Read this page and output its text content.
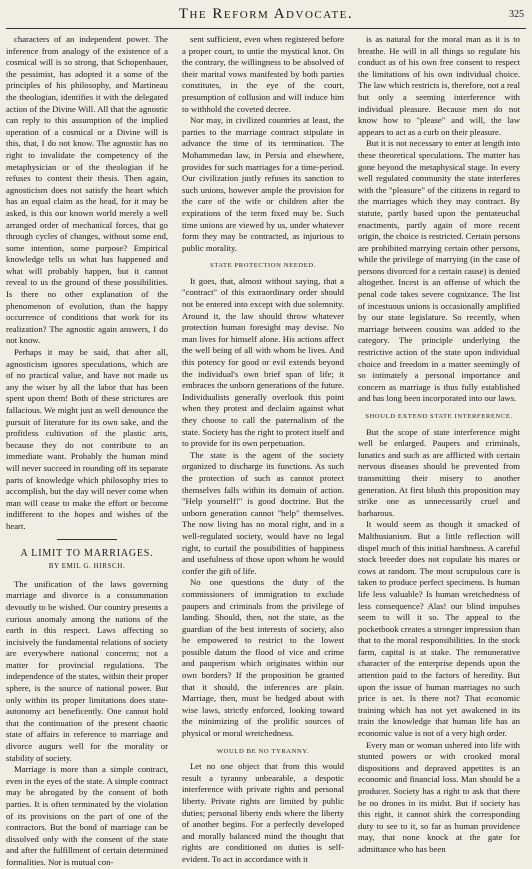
The Reform Advocate.	325

characters of an independent power. The inference from analogy of the existence of a cosmical will is so strong, that Schopenhauer, the pessimist, has adopted it a some of the principles of his philosophy, and Martineau the theologian, identifies it with the delegated action of the Divine Will. All that the agnostic can reply to this assumption of the implied operation of a cosmical or a Divine will is this, that, I do not know. The agnostic has no right to invalidate the competency of the metaphysician or of the theologian if he refuses to contest their thesis. Then again, agnosticism does not satisfy the heart which has an equal claim as the head, for it may be asked, is this our known world merely a well arranged order of mechanical forces, that go through cycles of changes, without some end, some intention, some purpose? Empirical knowledge tells us what has happened and what will probably happen, but it cannot reveal to us the ground of these possibilities. Is there no other explanation of the phenomenon of evolution, than the happy occurrence of conditions that work for its realization? The agnostic again answers, I do not know.

Perhaps it may be said, that after all, agnosticism ignores speculations, which are of no practical value, and have not made us any the wiser by all the labor that has been spent upon them! Both of these strictures are fallacious. We might just as well denounce the pursuit of literature for its own sake, and the profitless cultivation of the plastic arts, because they do not contribute to an immediate want. Probably the human mind will never succeed in rounding off its separate parts of knowledge which philosophy tries to accomplish, but the day will never come when man will cease to make the effort or become indifferent to the hopes and wishes of the heart.

A LIMIT TO MARRIAGES.
BY EMIL G. HIRSCH.

The unification of the laws governing marriage and divorce is a consummation devoutly to be wished. Our country presents a curious anomaly among the nations of the earth in this respect. Laws affecting so incisively the fundamental relations of society are everywhere national concerns; not a matter for provincial regulations. The independence of the states, within their proper sphere, is the source of national power. But only within its proper limitations does state-autonomy act beneficently. One cannot hold that the continuation of the present chaotic state of affairs in reference to marriage and divorce augurs well for the morality or stability of society.

Marriage is more than a simple contract, even in the eyes of the state. A simple contract may be abrogated by the consent of both parties. It is often terminated by the violation of its provisions on the part of one of the contractors. But the bond of marriage can be dissolved only with the consent of the state and after the fulfillment of certain determined formalities. Nor is mutual con-

sent sufficient, even when registered before a proper court, to untie the mystical knot. On the contrary, the willingness to be absolved of their marital vows manifested by both parties constitutes, in the eye of the court, presumption of collusion and will induce him to withhold the coveted decree.

Nor may, in civilized countries at least, the parties to the marriage contract stipulate in advance the time of its termination. The Mohammedan law, in Persia and elsewhere, provides for such marriages for a time-period. Our civilization justly refuses its sanction to such unions, however ample the provision for the care of the wife or children after the expirations of the term fixed may be. Such time unions are viewed by us, under whatever form they may be contracted, as injurious to public morality.

STATE PROTECTION NEEDED.

It goes, that, almost without saying, that a "contract" of this extraordinary order should not be entered into except with due solemnity. Around it, the law should throw whatever protection human foresight may devise. No man lives for himself alone. His actions affect the well being of all with whom he lives. And this potency for good or evil extends beyond the individual's own brief span of life; it embraces the unborn generations of the future. Individualists generally overlook this point when they protest and declaim against what they choose to call the paternalism of the state. Society has the right to protect itself and to provide for its own perpetuation.

The state is the agent of the society organized to discharge its functions. As such the protection of such as cannot protect themselves falls within its domain of action. "Help yourself!" is good doctrine. But the unborn generation cannot "help" themselves. The now living has no moral right, and in a well-regulated society, would have no legal right, to curtail the possibilities of happiness and usefulness of those upon whom he would confer the gift of life.

No one questions the duty of the commissioners of immigration to exclude paupers and criminals from the privilege of landing. Should, then, not the state, as the guardian of the best interests of society, also be empowered to restrict to the lowest possible datum the flood of vice and crime and pauperism which originates within our own borders? If the proposition be granted that it should, the inferences are plain. Marriage, then, must be hedged about with wise laws, strictly enforced, looking toward the minimizing of the prolific sources of physical or moral wretchedness.

WOULD BE NO TYRANNY.

Let no one object that from this would result a tyranny unbearable, a despotic interference with private rights and personal liberty. Private rights are limited by public duties; personal liberty ends where the liberty of another begins. For a perfectly developed and morally balanced mind the thought that rights are conditioned on duties is self-evident. To act in accordance with it

is as natural for the moral man as it is to breathe. He will in all things so regulate his conduct as of his own free consent to respect the limitations of his own individual choice. The law which restricts is, therefore, not a real but only a seeming interference with individual pleasure. Because men do not know how to "please" and will, the law appears to act as a curb on their pleasure.

But it is not necessary to enter at length into these theoretical speculations. The matter has gone beyond the metaphysical stage. In every well regulated community the state interferes with the "pleasure" of the citizens in regard to the marriages which they may contract. By statute, partly based upon the pentateuchal enactments, partly again of more recent origin, the choice is restricted. Certain persons are prohibited marrying certain other persons, while the privilege of marrying (in the case of persons divorced for a certain cause) is denied altogether. Incest is an offense of which the penal code takes severe cognizance. The list of incestuous unions is occasionally amplified by our state legislature. So recently, when marriage between cousins was added to the category. The principle underlying the restrictive action of the state upon individual choice and freedom in a matter seemingly of so intimately a personal importance and concern as marriage is thus fully established and has long been incorporated into our laws.

SHOULD EXTEND STATE INTERFERENCE.

But the scope of state interference might well be enlarged. Paupers and criminals, lunatics and such as are afflicted with certain nervous diseases should be prevented from transmitting their misery to another generation. At first blush this proposition may strike one as unnecessarily cruel and barbarous.

It would seem as though it smacked of Malthusianism. But a little reflection will dispel much of this initial harshness. A careful stock breeder does not copulate his mares or cows at random. The most scrupulous care is taken to produce perfect specimens. Is human life less valuable? Is human wretchedness of less consequence? Alas! our blind impulses seem to will it so. The appeal to the pocketbook creates a stronger impression than that to the moral responsibilities. In the stock farm, capital is at stake. The remunerative character of the enterprise depends upon the attention paid to the factors of heredity. But upon the issue of human marriages no such price is set. Is there not? That economic training which has not yet awakened in its train the knowledge that human life has an economic value is not of a very high order.

Every man or woman ushered into life with stunted powers or with crooked moral dispositions and depraved appetites is an economic and financial loss. Man should be a producer. Society has a right to ask that there be no drones in its midst. But if society has this right, it cannot shirk the corresponding duty to see to it, so far as human providence may, that none knock at the gate for admittance who has been
